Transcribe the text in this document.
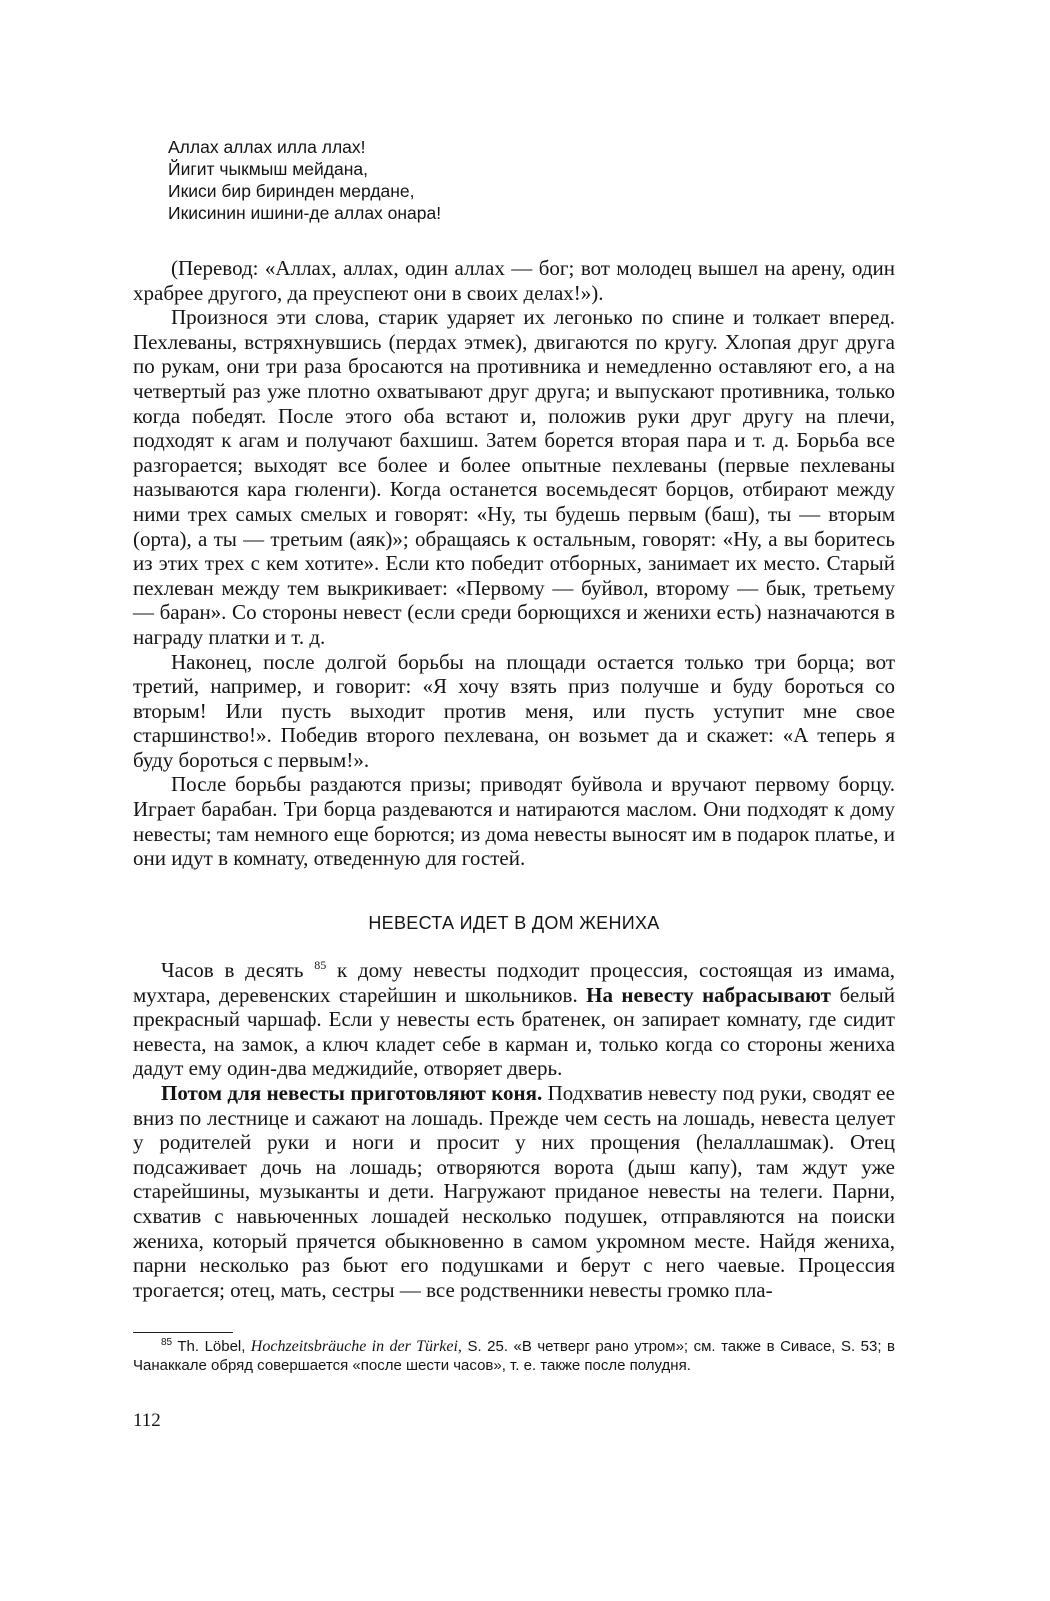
Аллах аллах илла ллах!
Йигит чыкмыш мейдана,
Икиси бир биринден мердане,
Икисинин ишини-де аллах онара!

(Перевод: «Аллах, аллах, один аллах — бог; вот молодец вышел на арену, один храбрее другого, да преуспеют они в своих делах!»).

Произнося эти слова, старик ударяет их легонько по спине и толкает вперед. Пехлеваны, встряхнувшись (пердах этмек), двигаются по кругу. Хлопая друг друга по рукам, они три раза бросаются на противника и немедленно оставляют его, а на четвертый раз уже плотно охватывают друг друга; и выпускают противника, только когда победят. После этого оба встают и, положив руки друг другу на плечи, подходят к агам и получают бахшиш. Затем борется вторая пара и т. д. Борьба все разгорается; выходят все более и более опытные пехлеваны (первые пехлеваны называются кара гюленги). Когда останется восемьдесят борцов, отбирают между ними трех самых смелых и говорят: «Ну, ты будешь первым (баш), ты — вторым (орта), а ты — третьим (аяк)»; обращаясь к остальным, говорят: «Ну, а вы боритесь из этих трех с кем хотите». Если кто победит отборных, занимает их место. Старый пехлеван между тем выкрикивает: «Первому — буйвол, второму — бык, третьему — баран». Со стороны невест (если среди борющихся и женихи есть) назначаются в награду платки и т. д.

Наконец, после долгой борьбы на площади остается только три борца; вот третий, например, и говорит: «Я хочу взять приз получше и буду бороться со вторым! Или пусть выходит против меня, или пусть уступит мне свое старшинство!». Победив второго пехлевана, он возьмет да и скажет: «А теперь я буду бороться с первым!».

После борьбы раздаются призы; приводят буйвола и вручают первому борцу. Играет барабан. Три борца раздеваются и натираются маслом. Они подходят к дому невесты; там немного еще борются; из дома невесты выносят им в подарок платье, и они идут в комнату, отведенную для гостей.

НЕВЕСТА ИДЕТ В ДОМ ЖЕНИХА

Часов в десять $^{85}$ к дому невесты подходит процессия, состоящая из имама, мухтара, деревенских старейшин и школьников. На невесту набрасывают белый прекрасный чаршаф. Если у невесты есть братенек, он запирает комнату, где сидит невеста, на замок, а ключ кладет себе в карман и, только когда со стороны жениха дадут ему один-два меджидийе, отворяет дверь.

Потом для невесты приготовляют коня. Подхватив невесту под руки, сводят ее вниз по лестнице и сажают на лошадь. Прежде чем сесть на лошадь, невеста целует у родителей руки и ноги и просит у них прощения (һелаллашмак). Отец подсаживает дочь на лошадь; отворяются ворота (дыш капу), там ждут уже старейшины, музыканты и дети. Нагружают приданое невесты на телеги. Парни, схватив с навьюченных лошадей несколько подушек, отправляются на поиски жениха, который прячется обыкновенно в самом укромном месте. Найдя жениха, парни несколько раз бьют его подушками и берут с него чаевые. Процессия трогается; отец, мать, сестры — все родственники невесты громко пла-

$^{85}$ Th. Löbel, Hochzeitsbräuche in der Türkei, S. 25. «В четверг рано утром»; см. также в Сивасе, S. 53; в Чанаккале обряд совершается «после шести часов», т. е. также после полудня.
112
